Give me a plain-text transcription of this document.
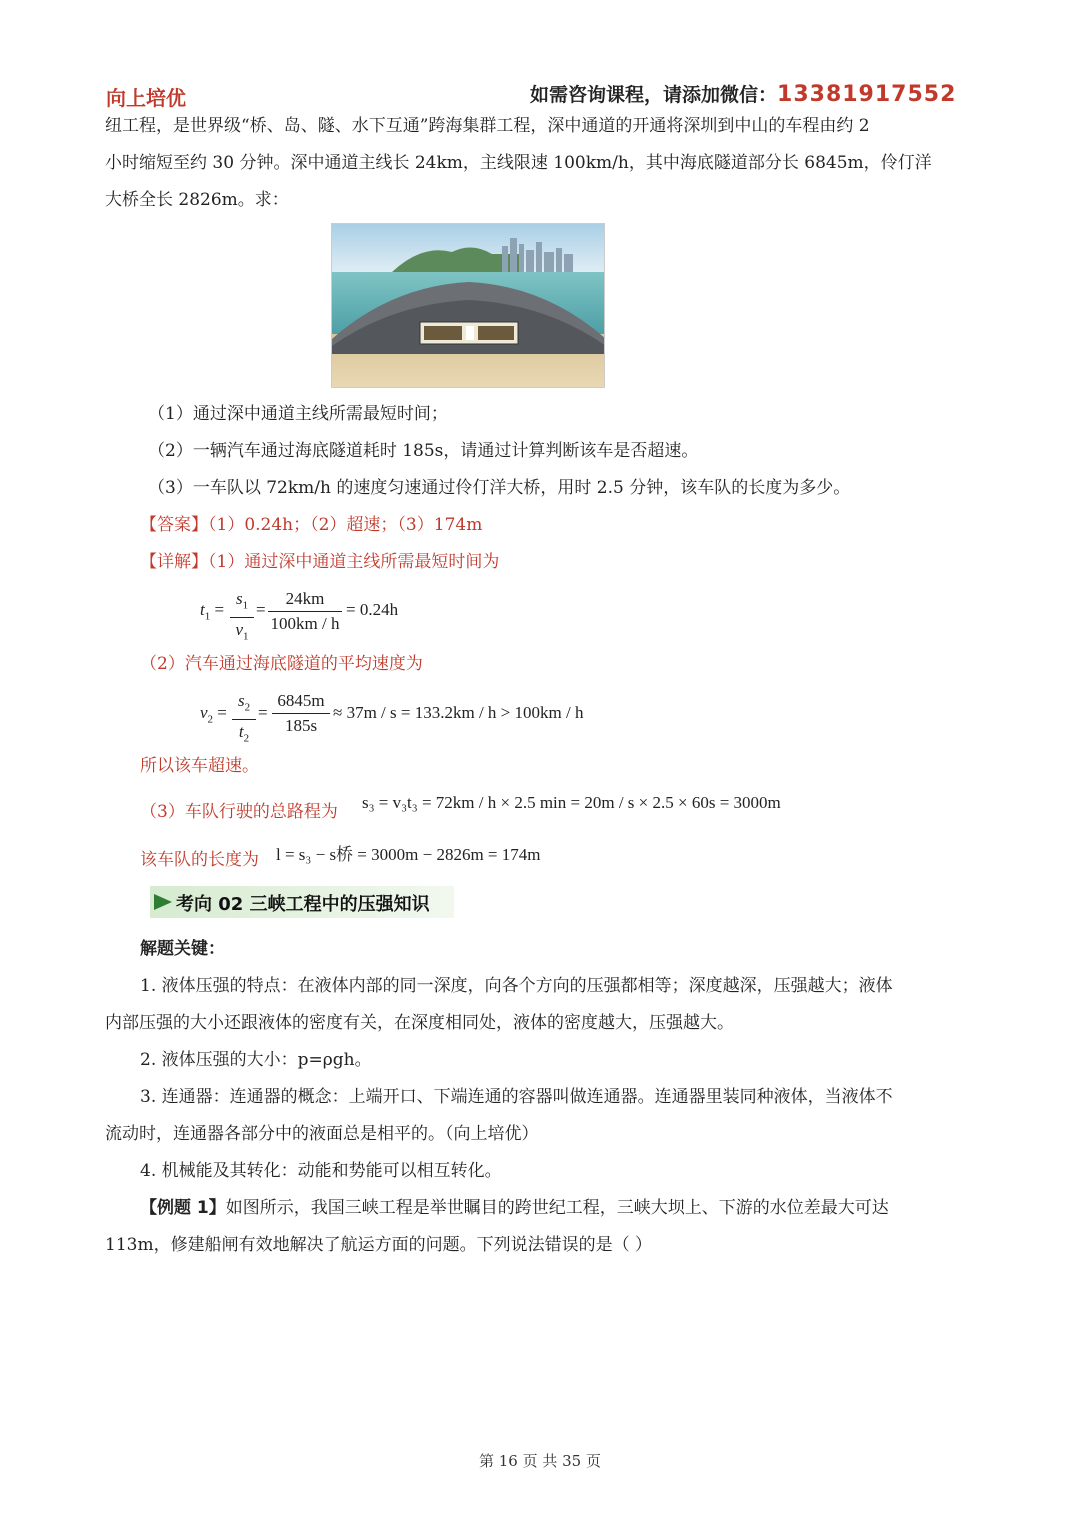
向上培优	如需咨询课程，请添加微信：13381917552
纽工程，是世界级“桥、岛、隧、水下互通”跨海集群工程，深中通道的开通将深圳到中山的车程由约 2
小时缩短至约 30 分钟。深中通道主线长 24km，主线限速 100km/h，其中海底隧道部分长 6845m，伶仃洋
大桥全长 2826m。求：
（1）通过深中通道主线所需最短时间；
（2）一辆汽车通过海底隧道耗时 185s，请通过计算判断该车是否超速。
（3）一车队以 72km/h 的速度匀速通过伶仃洋大桥，用时 2.5 分钟，该车队的长度为多少。
【答案】（1）0.24h；（2）超速；（3）174m
【详解】（1）通过深中通道主线所需最短时间为
$t_1$ =
$s_1$
$v_1$
=
24km
100km / h
= 0.24h
（2）汽车通过海底隧道的平均速度为
$v_2$ =
$s_2$
$t_2$
=
6845m
185s
≈ 37m / s = 133.2km / h > 100km / h
所以该车超速。
（3）车队行驶的总路程为 s₃ = v₃t₃ = 72km / h × 2.5 min = 20m / s × 2.5 × 60s = 3000m
该车队的长度为 l = s₃ − s桥 = 3000m − 2826m = 174m
考向 02 三峡工程中的压强知识
解题关键：
1. 液体压强的特点：在液体内部的同一深度，向各个方向的压强都相等；深度越深，压强越大；液体
内部压强的大小还跟液体的密度有关，在深度相同处，液体的密度越大，压强越大。
2. 液体压强的大小：p=ρgh。
3. 连通器：连通器的概念：上端开口、下端连通的容器叫做连通器。连通器里装同种液体，当液体不
流动时，连通器各部分中的液面总是相平的。（向上培优）
4. 机械能及其转化：动能和势能可以相互转化。
【例题 1】如图所示，我国三峡工程是举世瞩目的跨世纪工程，三峡大坝上、下游的水位差最大可达
113m，修建船闸有效地解决了航运方面的问题。下列说法错误的是（ ）
第 16 页 共 35 页
